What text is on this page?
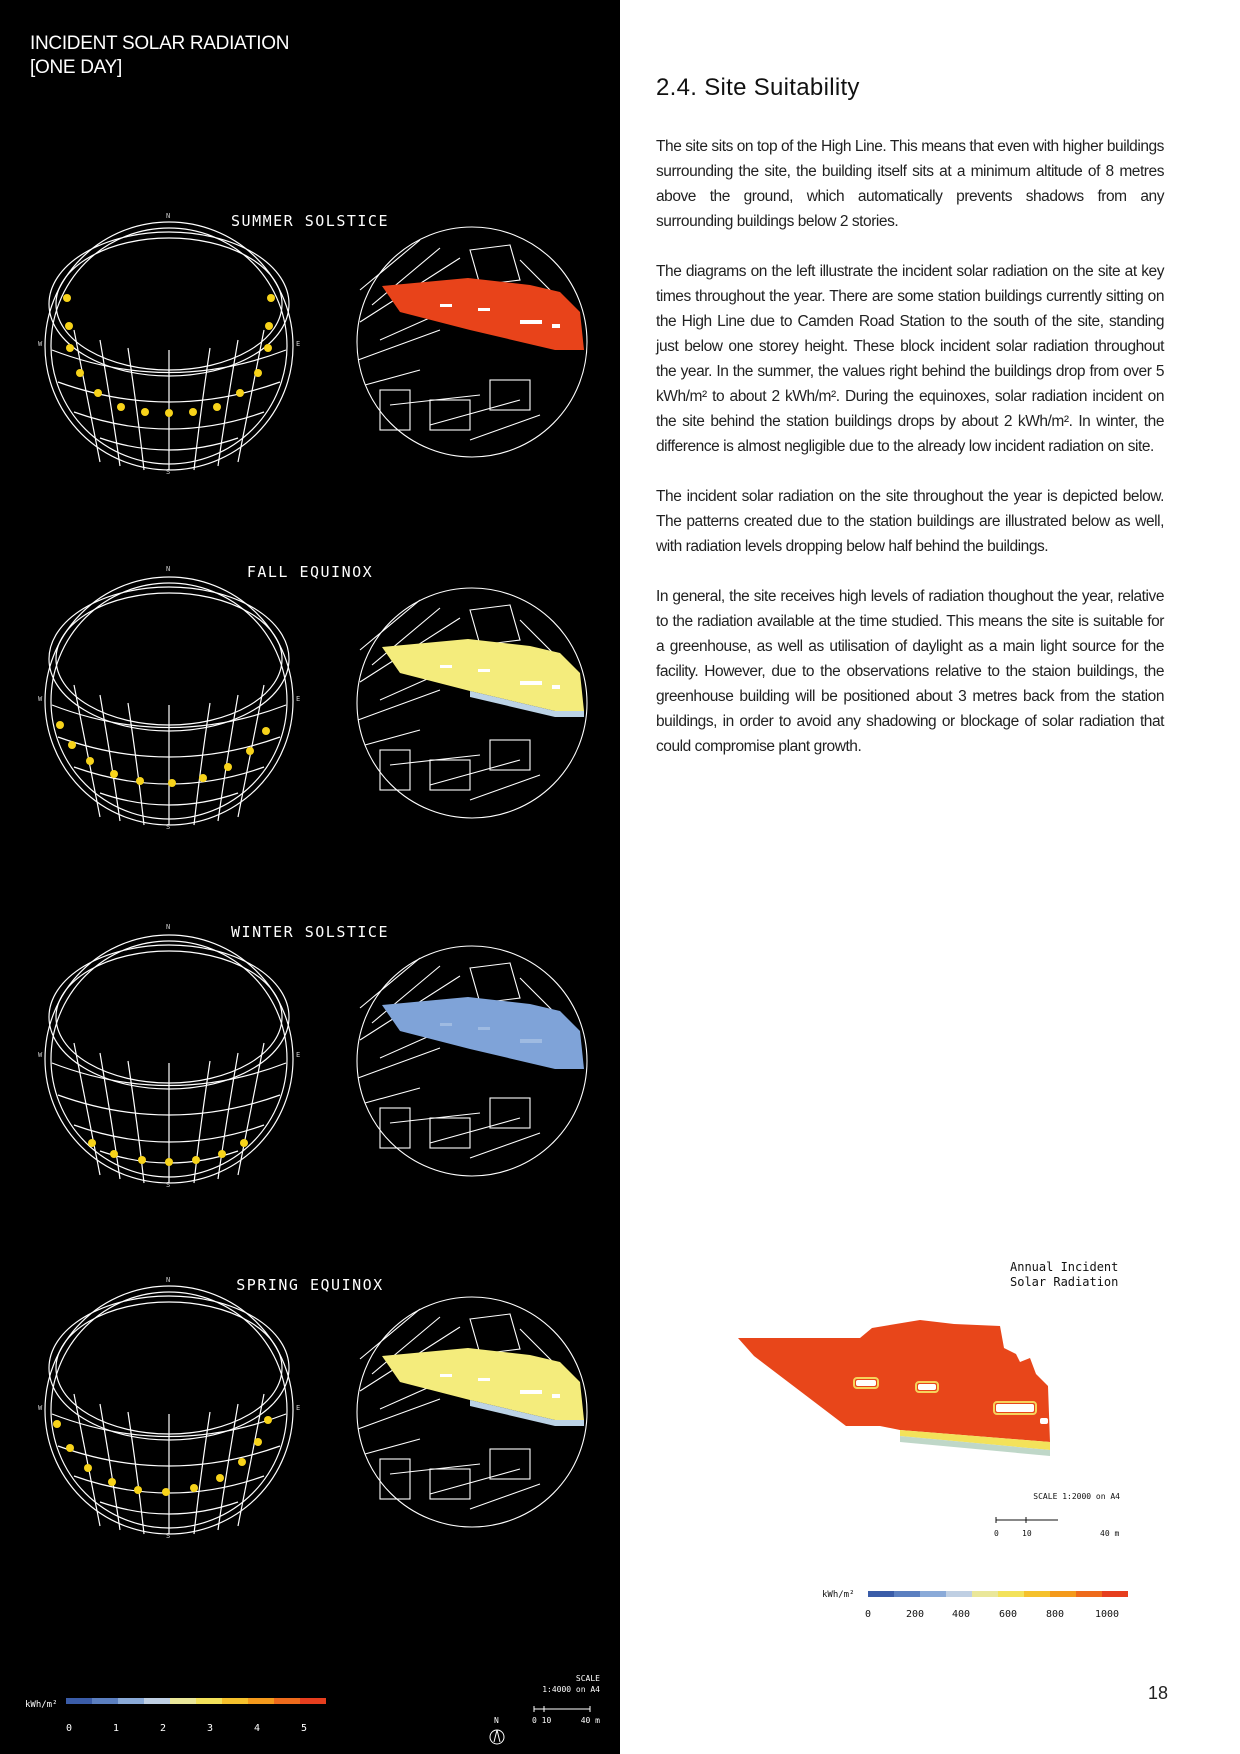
INCIDENT SOLAR RADIATION
[ONE DAY]
SUMMER SOLSTICE
N
S
W	E
FALL EQUINOX
N
S
W	E
WINTER SOLSTICE
N
S
W	E
SPRING EQUINOX
N
S
W	E
kWh/m²
0	1	2	3	4	5
N
SCALE
1:4000 on A4
0 10	40 m
2.4. Site Suitability

The site sits on top of the High Line. This means that even with higher buildings surrounding the site, the building itself sits at a minimum altitude of 8 metres above the ground, which automatically prevents shadows from any surrounding buildings below 2 stories.

The diagrams on the left illustrate the incident solar radiation on the site at key times throughout the year. There are some station buildings currently sitting on the High Line due to Camden Road Station to the south of the site, standing just below one storey height. These block incident solar radiation throughout the year. In the summer, the values right behind the buildings drop from over 5 kWh/m² to about 2 kWh/m². During the equinoxes, solar radiation incident on the site behind the station buildings drops by about 2 kWh/m². In winter, the difference is almost negligible due to the already low incident radiation on site.

The incident solar radiation on the site throughout the year is depicted below. The patterns created due to the station buildings are illustrated below as well, with radiation levels dropping below half behind the buildings.

In general, the site receives high levels of radiation thoughout the year, relative to the radiation available at the time studied. This means the site is suitable for a greenhouse, as well as utilisation of daylight as a main light source for the facility. However, due to the observations relative to the staion buildings, the greenhouse building will be positioned about 3 metres back from the station buildings, in order to avoid any shadowing or blockage of solar radiation that could compromise plant growth.

Annual Incident
Solar Radiation
SCALE 1:2000 on A4
0	10	40 m
kWh/m²
0	200	400	600	800	1000
18
